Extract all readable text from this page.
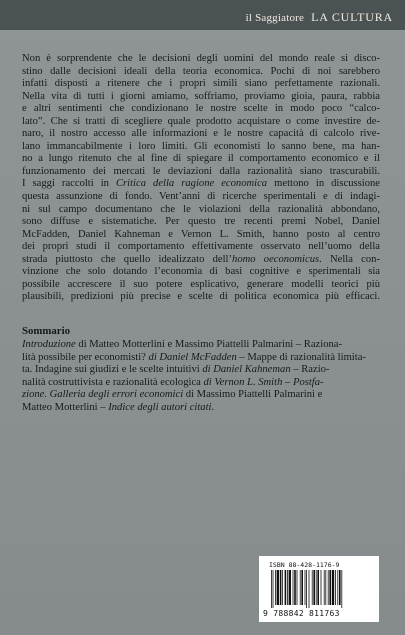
il Saggiatore LA CULTURA
Non è sorprendente che le decisioni degli uomini del mondo reale si disco-
stino dalle decisioni ideali della teoria economica. Pochi di noi sarebbero
infatti disposti a ritenere che i propri simili siano perfettamente razionali.
Nella vita di tutti i giorni amiamo, soffriamo, proviamo gioia, paura, rabbia
e altri sentimenti che condizionano le nostre scelte in modo poco “calco-
lato”. Che si tratti di scegliere quale prodotto acquistare o come investire de-
naro, il nostro accesso alle informazioni e le nostre capacità di calcolo rive-
lano immancabilmente i loro limiti. Gli economisti lo sanno bene, ma han-
no a lungo ritenuto che al fine di spiegare il comportamento economico e il
funzionamento dei mercati le deviazioni dalla razionalità siano trascurabili.
I saggi raccolti in Critica della ragione economica mettono in discussione
questa assunzione di fondo. Vent’anni di ricerche sperimentali e di indagi-
ni sul campo documentano che le violazioni della razionalità abbondano,
sono diffuse e sistematiche. Per questo tre recenti premi Nobel, Daniel
McFadden, Daniel Kahneman e Vernon L. Smith, hanno posto al centro
dei propri studi il comportamento effettivamente osservato nell’uomo della
strada piuttosto che quello idealizzato dell’homo oeconomicus. Nella con-
vinzione che solo dotando l’economia di basi cognitive e sperimentali sia
possibile accrescere il suo potere esplicativo, generare modelli teorici più
plausibili, predizioni più precise e scelte di politica economica più efficaci.
Sommario
Introduzione di Matteo Motterlini e Massimo Piattelli Palmarini – Raziona-
lità possibile per economisti? di Daniel McFadden – Mappe di razionalità limita-
ta. Indagine sui giudizi e le scelte intuitivi di Daniel Kahneman – Razio-
nalità costruttivista e razionalità ecologica di Vernon L. Smith – Postfa-
zione. Galleria degli errori economici di Massimo Piattelli Palmarini e
Matteo Motterlini – Indice degli autori citati.
ISBN 88-428-1176-9
9 788842 811763
